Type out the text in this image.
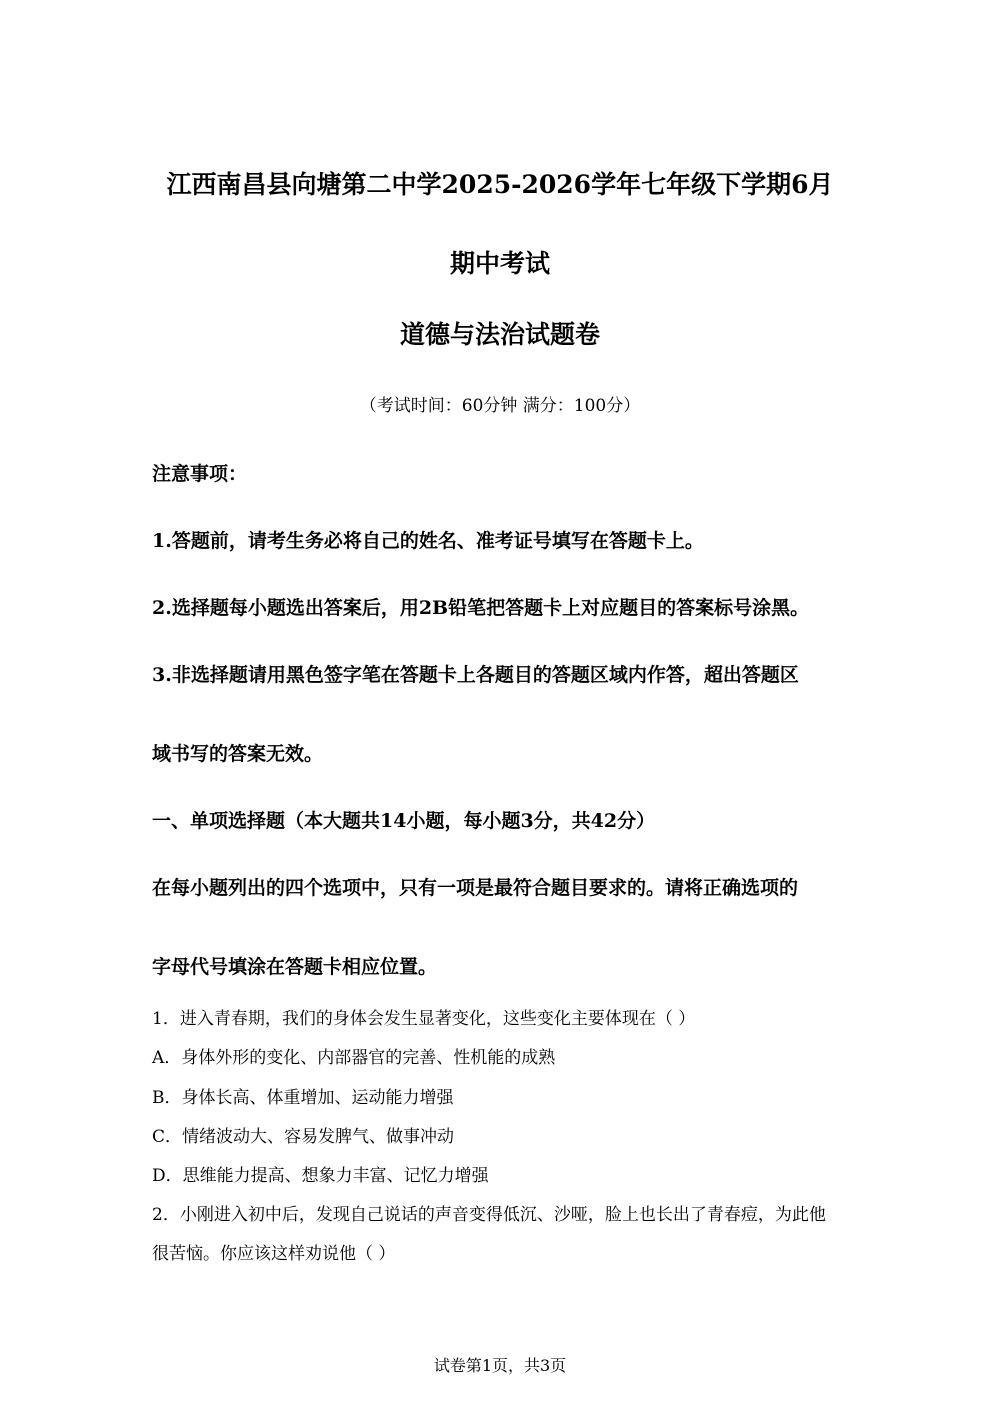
江西南昌县向塘第二中学2025-2026学年七年级下学期6月
期中考试
道德与法治试题卷
（考试时间：60分钟 满分：100分）
注意事项：
1.答题前，请考生务必将自己的姓名、准考证号填写在答题卡上。
2.选择题每小题选出答案后，用2B铅笔把答题卡上对应题目的答案标号涂黑。
3.非选择题请用黑色签字笔在答题卡上各题目的答题区域内作答，超出答题区
域书写的答案无效。
一、单项选择题（本大题共14小题，每小题3分，共42分）
在每小题列出的四个选项中，只有一项是最符合题目要求的。请将正确选项的
字母代号填涂在答题卡相应位置。
1．进入青春期，我们的身体会发生显著变化，这些变化主要体现在（ ）
A．身体外形的变化、内部器官的完善、性机能的成熟
B．身体长高、体重增加、运动能力增强
C．情绪波动大、容易发脾气、做事冲动
D．思维能力提高、想象力丰富、记忆力增强
2．小刚进入初中后，发现自己说话的声音变得低沉、沙哑，脸上也长出了青春痘，为此他
很苦恼。你应该这样劝说他（ ）
试卷第1页，共3页
